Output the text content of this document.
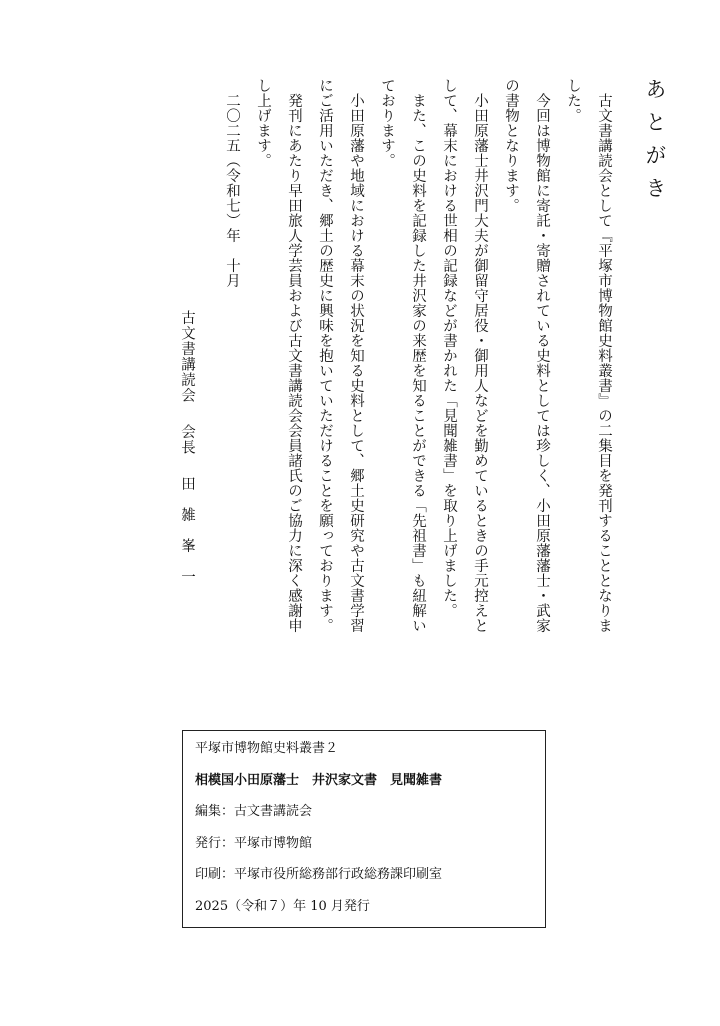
あとがき

古文書講読会として『平塚市博物館史料叢書』の二集目を発刊することとなりました。

今回は博物館に寄託・寄贈されている史料としては珍しく、小田原藩藩士・武家の書物となります。

小田原藩士井沢門大夫が御留守居役・御用人などを勤めているときの手元控えとして、幕末における世相の記録などが書かれた「見聞雑書」を取り上げました。

また、この史料を記録した井沢家の来歴を知ることができる「先祖書」も紐解いております。

小田原藩や地域における幕末の状況を知る史料として、郷土史研究や古文書学習にご活用いただき、郷土の歴史に興味を抱いていただけることを願っております。

発刊にあたり早田旅人学芸員および古文書講読会会員諸氏のご協力に深く感謝申し上げます。

二〇二五（令和七）年　十月

古文書講読会　 会長　 田　雑　峯　一

平塚市博物館史料叢書２
相模国小田原藩士　井沢家文書　見聞雑書
編集：古文書講読会
発行：平塚市博物館
印刷：平塚市役所総務部行政総務課印刷室
2025（令和７）年 10 月発行
